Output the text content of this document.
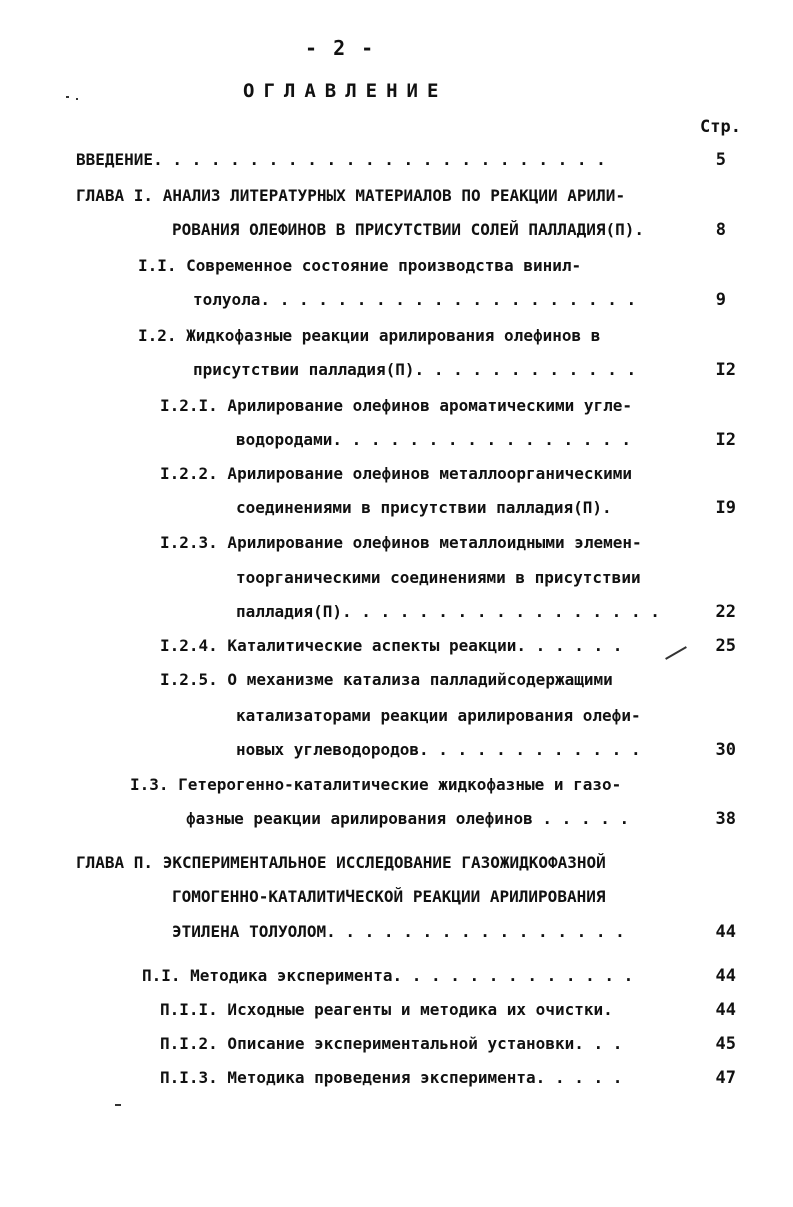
- 2 -
ОГЛАВЛЕНИЕ
Стр.
ВВЕДЕНИЕ. . . . . . . . . . . . . . . . . . . . . . . .	5
ГЛАВА I. АНАЛИЗ ЛИТЕРАТУРНЫХ МАТЕРИАЛОВ ПО РЕАКЦИИ АРИЛИ-
РОВАНИЯ ОЛЕФИНОВ В ПРИСУТСТВИИ СОЛЕЙ ПАЛЛАДИЯ(П).	8
I.I. Современное состояние производства винил-
толуола. . . . . . . . . . . . . . . . . . . .	9
I.2. Жидкофазные реакции арилирования олефинов в
присутствии палладия(П). . . . . . . . . . . .	I2
I.2.I. Арилирование олефинов ароматическими угле-
водородами. . . . . . . . . . . . . . . .	I2
I.2.2. Арилирование олефинов металлоорганическими
соединениями в присутствии палладия(П).	I9
I.2.3. Арилирование олефинов металлоидными элемен-
тоорганическими соединениями в присутствии
палладия(П). . . . . . . . . . . . . . . . .	22
I.2.4. Каталитические аспекты реакции. . . . . .	25
I.2.5. О механизме катализа палладийсодержащими
катализаторами реакции арилирования олефи-
новых углеводородов. . . . . . . . . . . .	30
I.3. Гетерогенно-каталитические жидкофазные и газо-
фазные реакции арилирования олефинов . . . . .	38
ГЛАВА П. ЭКСПЕРИМЕНТАЛЬНОЕ ИССЛЕДОВАНИЕ ГАЗОЖИДКОФАЗНОЙ
ГОМОГЕННО-КАТАЛИТИЧЕСКОЙ РЕАКЦИИ АРИЛИРОВАНИЯ
ЭТИЛЕНА ТОЛУОЛОМ. . . . . . . . . . . . . . . .	44
П.I. Методика эксперимента. . . . . . . . . . . . .	44
П.I.I. Исходные реагенты и методика их очистки.	44
П.I.2. Описание экспериментальной установки. . .	45
П.I.3. Методика проведения эксперимента. . . . .	47
